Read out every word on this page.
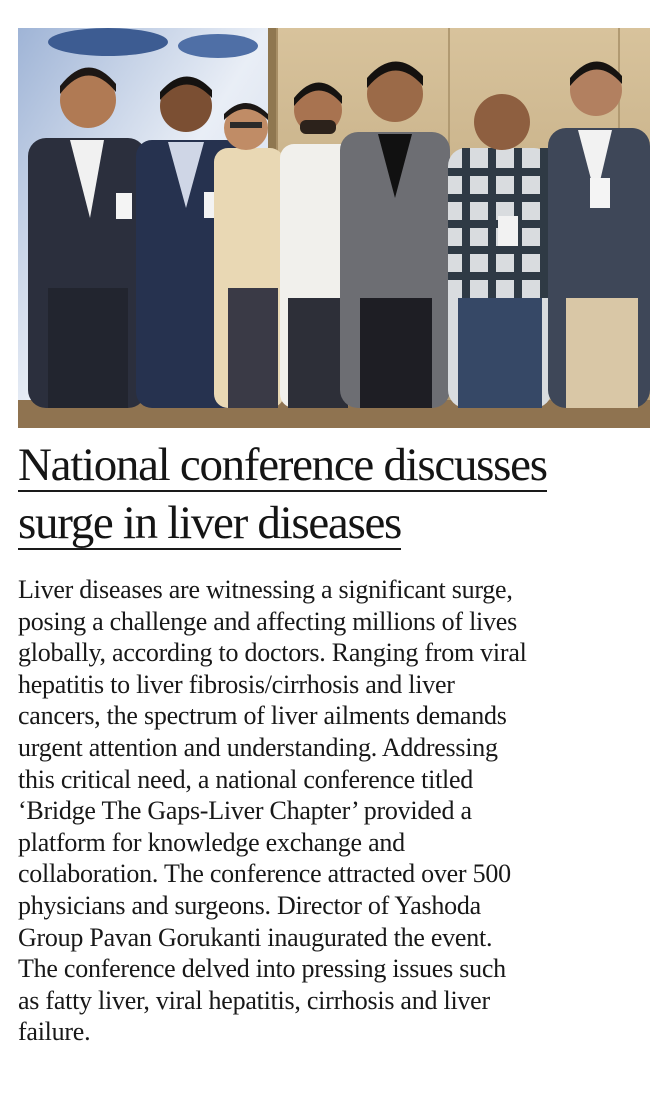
National conference discusses
surge in liver diseases

Liver diseases are witnessing a significant surge,
posing a challenge and affecting millions of lives
globally, according to doctors. Ranging from viral
hepatitis to liver fibrosis/cirrhosis and liver
cancers, the spectrum of liver ailments demands
urgent attention and understanding. Addressing
this critical need, a national conference titled
‘Bridge The Gaps-Liver Chapter’ provided a
platform for knowledge exchange and
collaboration. The conference attracted over 500
physicians and surgeons. Director of Yashoda
Group Pavan Gorukanti inaugurated the event.
The conference delved into pressing issues such
as fatty liver, viral hepatitis, cirrhosis and liver
failure.
